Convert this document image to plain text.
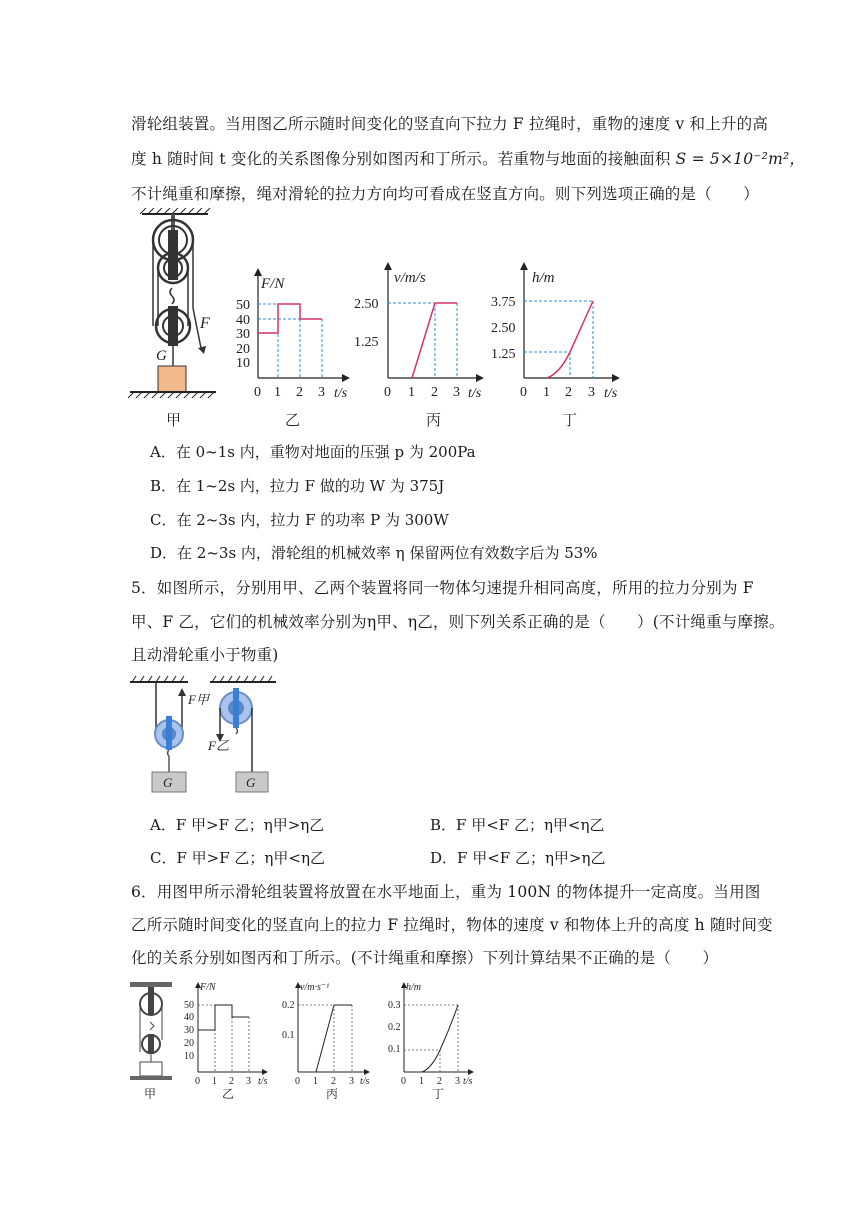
滑轮组装置。当用图乙所示随时间变化的竖直向下拉力 F 拉绳时，重物的速度 v 和上升的高
度 h 随时间 t 变化的关系图像分别如图丙和丁所示。若重物与地面的接触面积 S = 5×10⁻²m²，
不计绳重和摩擦，绳对滑轮的拉力方向均可看成在竖直方向。则下列选项正确的是（　　）
F
G
甲
F/N
t/s
50
40
30
20
10
0 1 2 3
乙
v/m/s
t/s
2.50
1.25
0 1 2 3
丙
h/m
t/s
3.75
2.50
1.25
0 1 2 3
丁
A．在 0~1s 内，重物对地面的压强 p 为 200Pa
B．在 1~2s 内，拉力 F 做的功 W 为 375J
C．在 2~3s 内，拉力 F 的功率 P 为 300W
D．在 2~3s 内，滑轮组的机械效率 η 保留两位有效数字后为 53%
5．如图所示，分别用甲、乙两个装置将同一物体匀速提升相同高度，所用的拉力分别为 F
甲、F 乙，它们的机械效率分别为η甲、η乙，则下列关系正确的是（　　）(不计绳重与摩擦。
且动滑轮重小于物重)
F甲
G
F乙
G
A．F 甲>F 乙；η甲>η乙	B．F 甲<F 乙；η甲<η乙
C．F 甲>F 乙；η甲<η乙	D．F 甲<F 乙；η甲>η乙
6．用图甲所示滑轮组装置将放置在水平地面上，重为 100N 的物体提升一定高度。当用图
乙所示随时间变化的竖直向上的拉力 F 拉绳时，物体的速度 v 和物体上升的高度 h 随时间变
化的关系分别如图丙和丁所示。(不计绳重和摩擦）下列计算结果不正确的是（　　）
甲
F/N
t/s
50
40
30
20
10
0 1 2 3
乙
v/m·s⁻¹
t/s
0.2
0.1
0 1 2 3
丙
h/m
t/s
0.3
0.2
0.1
0 1 2 3
丁
